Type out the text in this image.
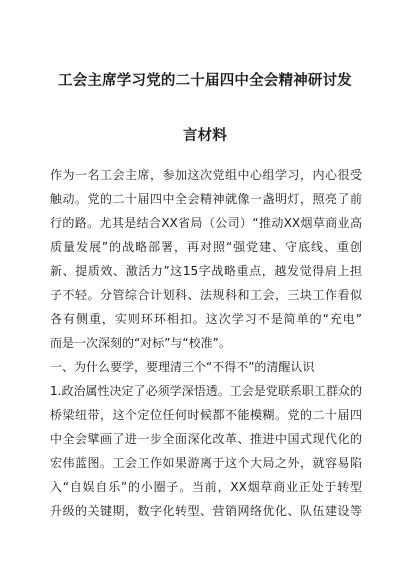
工会主席学习党的二十届四中全会精神研讨发
言材料
作为一名工会主席，参加这次党组中心组学习，内心很受
触动。党的二十届四中全会精神就像一盏明灯，照亮了前
行的路。尤其是结合XX省局（公司）“推动XX烟草商业高
质量发展”的战略部署，再对照“强党建、守底线、重创
新、提质效、激活力”这15字战略重点，越发觉得肩上担
子不轻。分管综合计划科、法规科和工会，三块工作看似
各有侧重，实则环环相扣。这次学习不是简单的“充电”
而是一次深刻的“对标”与“校准”。
一、为什么要学，要理清三个“不得不”的清醒认识
1.政治属性决定了必须学深悟透。工会是党联系职工群众的
桥梁纽带，这个定位任何时候都不能模糊。党的二十届四
中全会擘画了进一步全面深化改革、推进中国式现代化的
宏伟蓝图。工会工作如果游离于这个大局之外，就容易陷
入“自娱自乐”的小圈子。当前，XX烟草商业正处于转型
升级的关键期，数字化转型、营销网络优化、队伍建设等
